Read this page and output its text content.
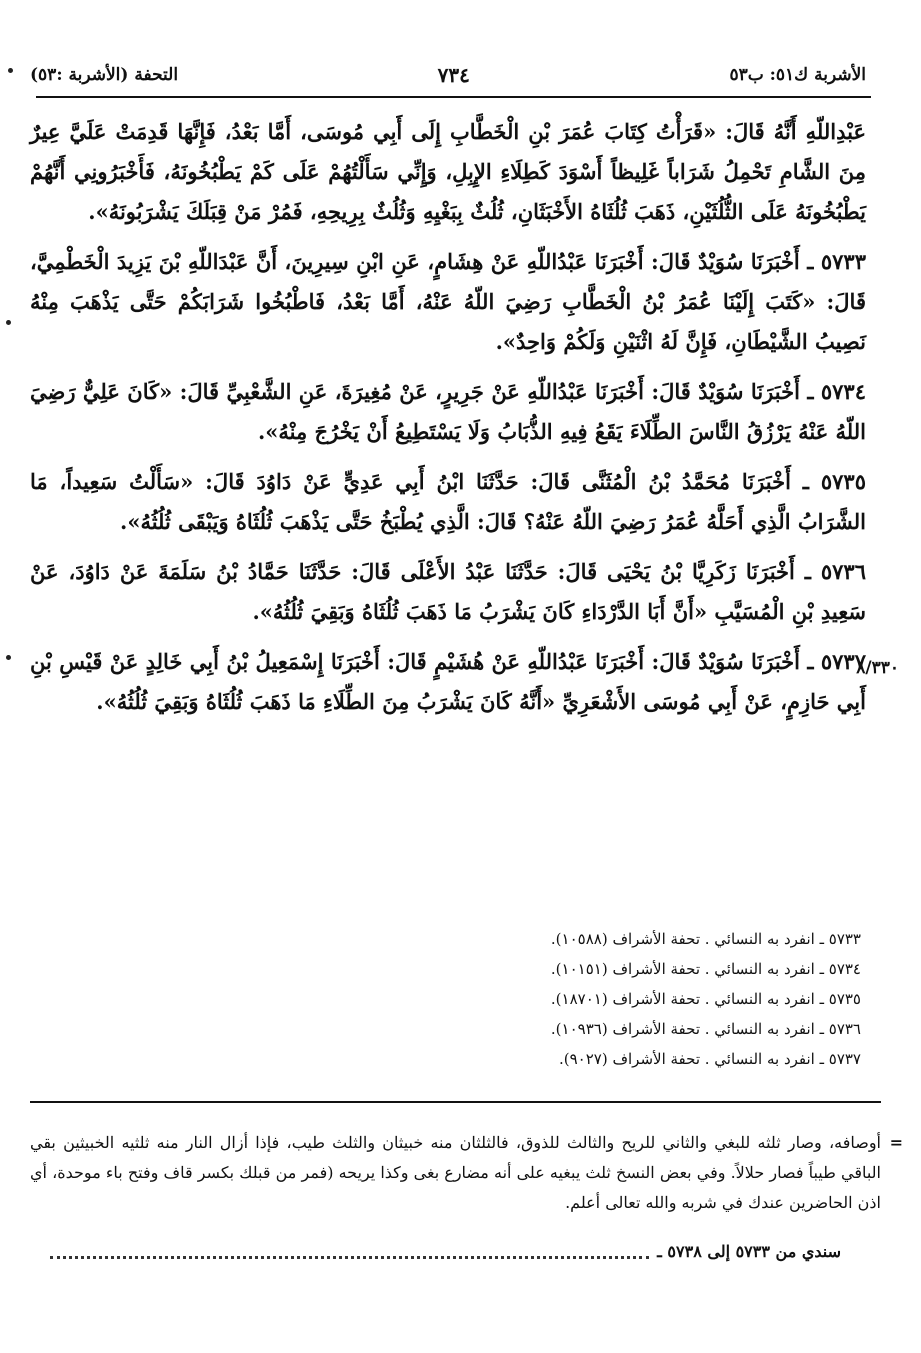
الأشربة ك٥١: ب٥٣
٧٣٤
التحفة (الأشربة :٥٣)

عَبْدِاللّهِ أَنَّهُ قَالَ: «قَرَأْتُ كِتَابَ عُمَرَ بْنِ الْخَطَّابِ إِلَى أَبِي مُوسَى، أَمَّا بَعْدُ، فَإِنَّهَا قَدِمَتْ عَلَيَّ عِيرٌ مِنَ الشَّامِ تَحْمِلُ شَرَاباً غَلِيظاً أَسْوَدَ كَطِلَاءِ الإِبِلِ، وَإِنِّي سَأَلْتُهُمْ عَلَى كَمْ يَطْبُخُونَهُ، فَأَخْبَرُونِي أَنَّهُمْ يَطْبُخُونَهُ عَلَى الثُّلُثَيْنِ، ذَهَبَ ثُلُثَاهُ الأَخْبَثَانِ، ثُلُثٌ بِبَغْيِهِ وَثُلُثٌ بِرِيحِهِ، فَمُرْ مَنْ قِبَلَكَ يَشْرَبُونَهُ».

٥٧٣٣ ـ أَخْبَرَنَا سُوَيْدٌ قَالَ: أَخْبَرَنَا عَبْدُاللّهِ عَنْ هِشَامٍ، عَنِ ابْنِ سِيرِينَ، أَنَّ عَبْدَاللّهِ بْنَ يَزِيدَ الْخَطْمِيَّ، قَالَ: «كَتَبَ إِلَيْنَا عُمَرُ بْنُ الْخَطَّابِ رَضِيَ اللّهُ عَنْهُ، أَمَّا بَعْدُ، فَاطْبُخُوا شَرَابَكُمْ حَتَّى يَذْهَبَ مِنْهُ نَصِيبُ الشَّيْطَانِ، فَإِنَّ لَهُ اثْنَيْنِ وَلَكُمْ وَاحِدٌ».

٥٧٣٤ ـ أَخْبَرَنَا سُوَيْدٌ قَالَ: أَخْبَرَنَا عَبْدُاللّهِ عَنْ جَرِيرٍ، عَنْ مُغِيرَةَ، عَنِ الشَّعْبِيِّ قَالَ: «كَانَ عَلِيٌّ رَضِيَ اللّهُ عَنْهُ يَرْزُقُ النَّاسَ الطِّلَاءَ يَقَعُ فِيهِ الذُّبَابُ وَلَا يَسْتَطِيعُ أَنْ يَخْرُجَ مِنْهُ».

٥٧٣٥ ـ أَخْبَرَنَا مُحَمَّدُ بْنُ الْمُثَنَّى قَالَ: حَدَّثَنَا ابْنُ أَبِي عَدِيٍّ عَنْ دَاوُدَ قَالَ: «سَأَلْتُ سَعِيداً، مَا الشَّرَابُ الَّذِي أَحَلَّهُ عُمَرُ رَضِيَ اللّهُ عَنْهُ؟ قَالَ: الَّذِي يُطْبَخُ حَتَّى يَذْهَبَ ثُلُثَاهُ وَيَبْقَى ثُلُثُهُ».

٥٧٣٦ ـ أَخْبَرَنَا زَكَرِيَّا بْنُ يَحْيَى قَالَ: حَدَّثَنَا عَبْدُ الأَعْلَى قَالَ: حَدَّثَنَا حَمَّادُ بْنُ سَلَمَةَ عَنْ دَاوُدَ، عَنْ سَعِيدِ بْنِ الْمُسَيَّبِ «أَنَّ أَبَا الدَّرْدَاءِ كَانَ يَشْرَبُ مَا ذَهَبَ ثُلُثَاهُ وَبَقِيَ ثُلُثُهُ».

٥٧٣٧ ـ أَخْبَرَنَا سُوَيْدٌ قَالَ: أَخْبَرَنَا عَبْدُاللّهِ عَنْ هُشَيْمٍ قَالَ: أَخْبَرَنَا إِسْمَعِيلُ بْنُ أَبِي خَالِدٍ عَنْ قَيْسِ بْنِ أَبِي حَازِمٍ، عَنْ أَبِي مُوسَى الأَشْعَرِيِّ «أَنَّهُ كَانَ يَشْرَبُ مِنَ الطِّلَاءِ مَا ذَهَبَ ثُلُثَاهُ وَبَقِيَ ثُلُثُهُ».

٨/٣٣٠
٥٧٣٣ ـ انفرد به النسائي . تحفة الأشراف (١٠٥٨٨).
٥٧٣٤ ـ انفرد به النسائي . تحفة الأشراف (١٠١٥١).
٥٧٣٥ ـ انفرد به النسائي . تحفة الأشراف (١٨٧٠١).
٥٧٣٦ ـ انفرد به النسائي . تحفة الأشراف (١٠٩٣٦).
٥٧٣٧ ـ انفرد به النسائي . تحفة الأشراف (٩٠٢٧).
=
أوصافه، وصار ثلثه للبغي والثاني للريح والثالث للذوق، فالثلثان منه خبيثان والثلث طيب، فإذا أزال النار منه ثلثيه الخبيثين بقي الباقي طيباً فصار حلالاً. وفي بعض النسخ ثلث يبغيه على أنه مضارع بغى وكذا يريحه (فمر من قبلك بكسر قاف وفتح باء موحدة، أي اذن الحاضرين عندك في شربه والله تعالى أعلم.
سندي من ٥٧٣٣ إلى ٥٧٣٨ ـ
